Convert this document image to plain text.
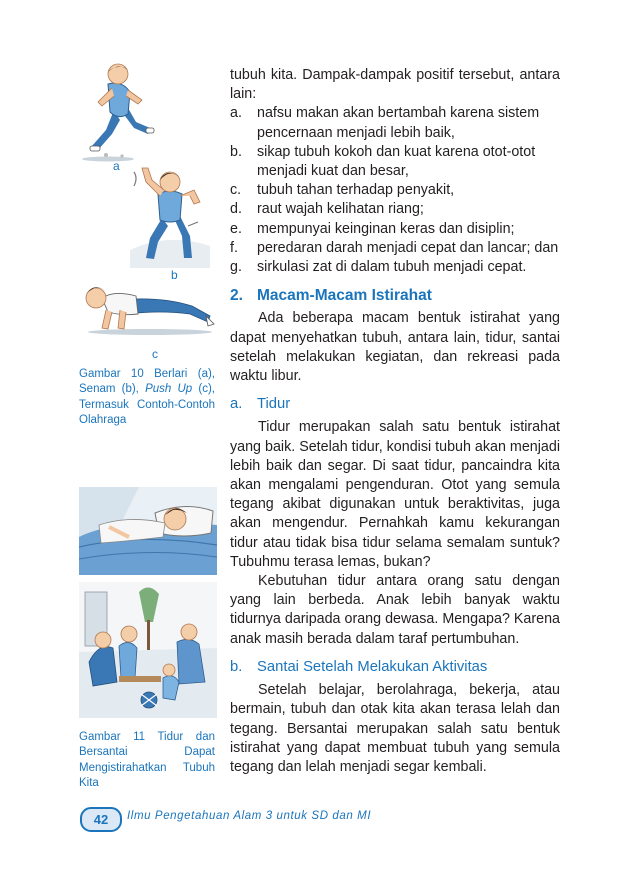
a
b
c

Gambar 10 Berlari (a), Senam (b), Push Up (c), Termasuk Contoh-Contoh Olahraga

Gambar 11 Tidur dan Bersantai Dapat Mengistirahatkan Tubuh Kita

tubuh kita. Dampak-dampak positif tersebut, antara lain:

a. nafsu makan akan bertambah karena sistem pencernaan menjadi lebih baik,
b. sikap tubuh kokoh dan kuat karena otot-otot menjadi kuat dan besar,
c. tubuh tahan terhadap penyakit,
d. raut wajah kelihatan riang;
e. mempunyai keinginan keras dan disiplin;
f. peredaran darah menjadi cepat dan lancar; dan
g. sirkulasi zat di dalam tubuh menjadi cepat.
2. Macam-Macam Istirahat

Ada beberapa macam bentuk istirahat yang dapat menyehatkan tubuh, antara lain, tidur, santai setelah melakukan kegiatan, dan rekreasi pada waktu libur.

a. Tidur

Tidur merupakan salah satu bentuk istirahat yang baik. Setelah tidur, kondisi tubuh akan menjadi lebih baik dan segar. Di saat tidur, pancaindra kita akan mengalami pengenduran. Otot yang semula tegang akibat digunakan untuk beraktivitas, juga akan mengendur. Pernahkah kamu kekurangan tidur atau tidak bisa tidur selama semalam suntuk? Tubuhmu terasa lemas, bukan?

Kebutuhan tidur antara orang satu dengan yang lain berbeda. Anak lebih banyak waktu tidurnya daripada orang dewasa. Mengapa? Karena anak masih berada dalam taraf pertumbuhan.

b. Santai Setelah Melakukan Aktivitas

Setelah belajar, berolahraga, bekerja, atau bermain, tubuh dan otak kita akan terasa lelah dan tegang. Bersantai merupakan salah satu bentuk istirahat yang dapat membuat tubuh yang semula tegang dan lelah menjadi segar kembali.

42	Ilmu Pengetahuan Alam 3 untuk SD dan MI
